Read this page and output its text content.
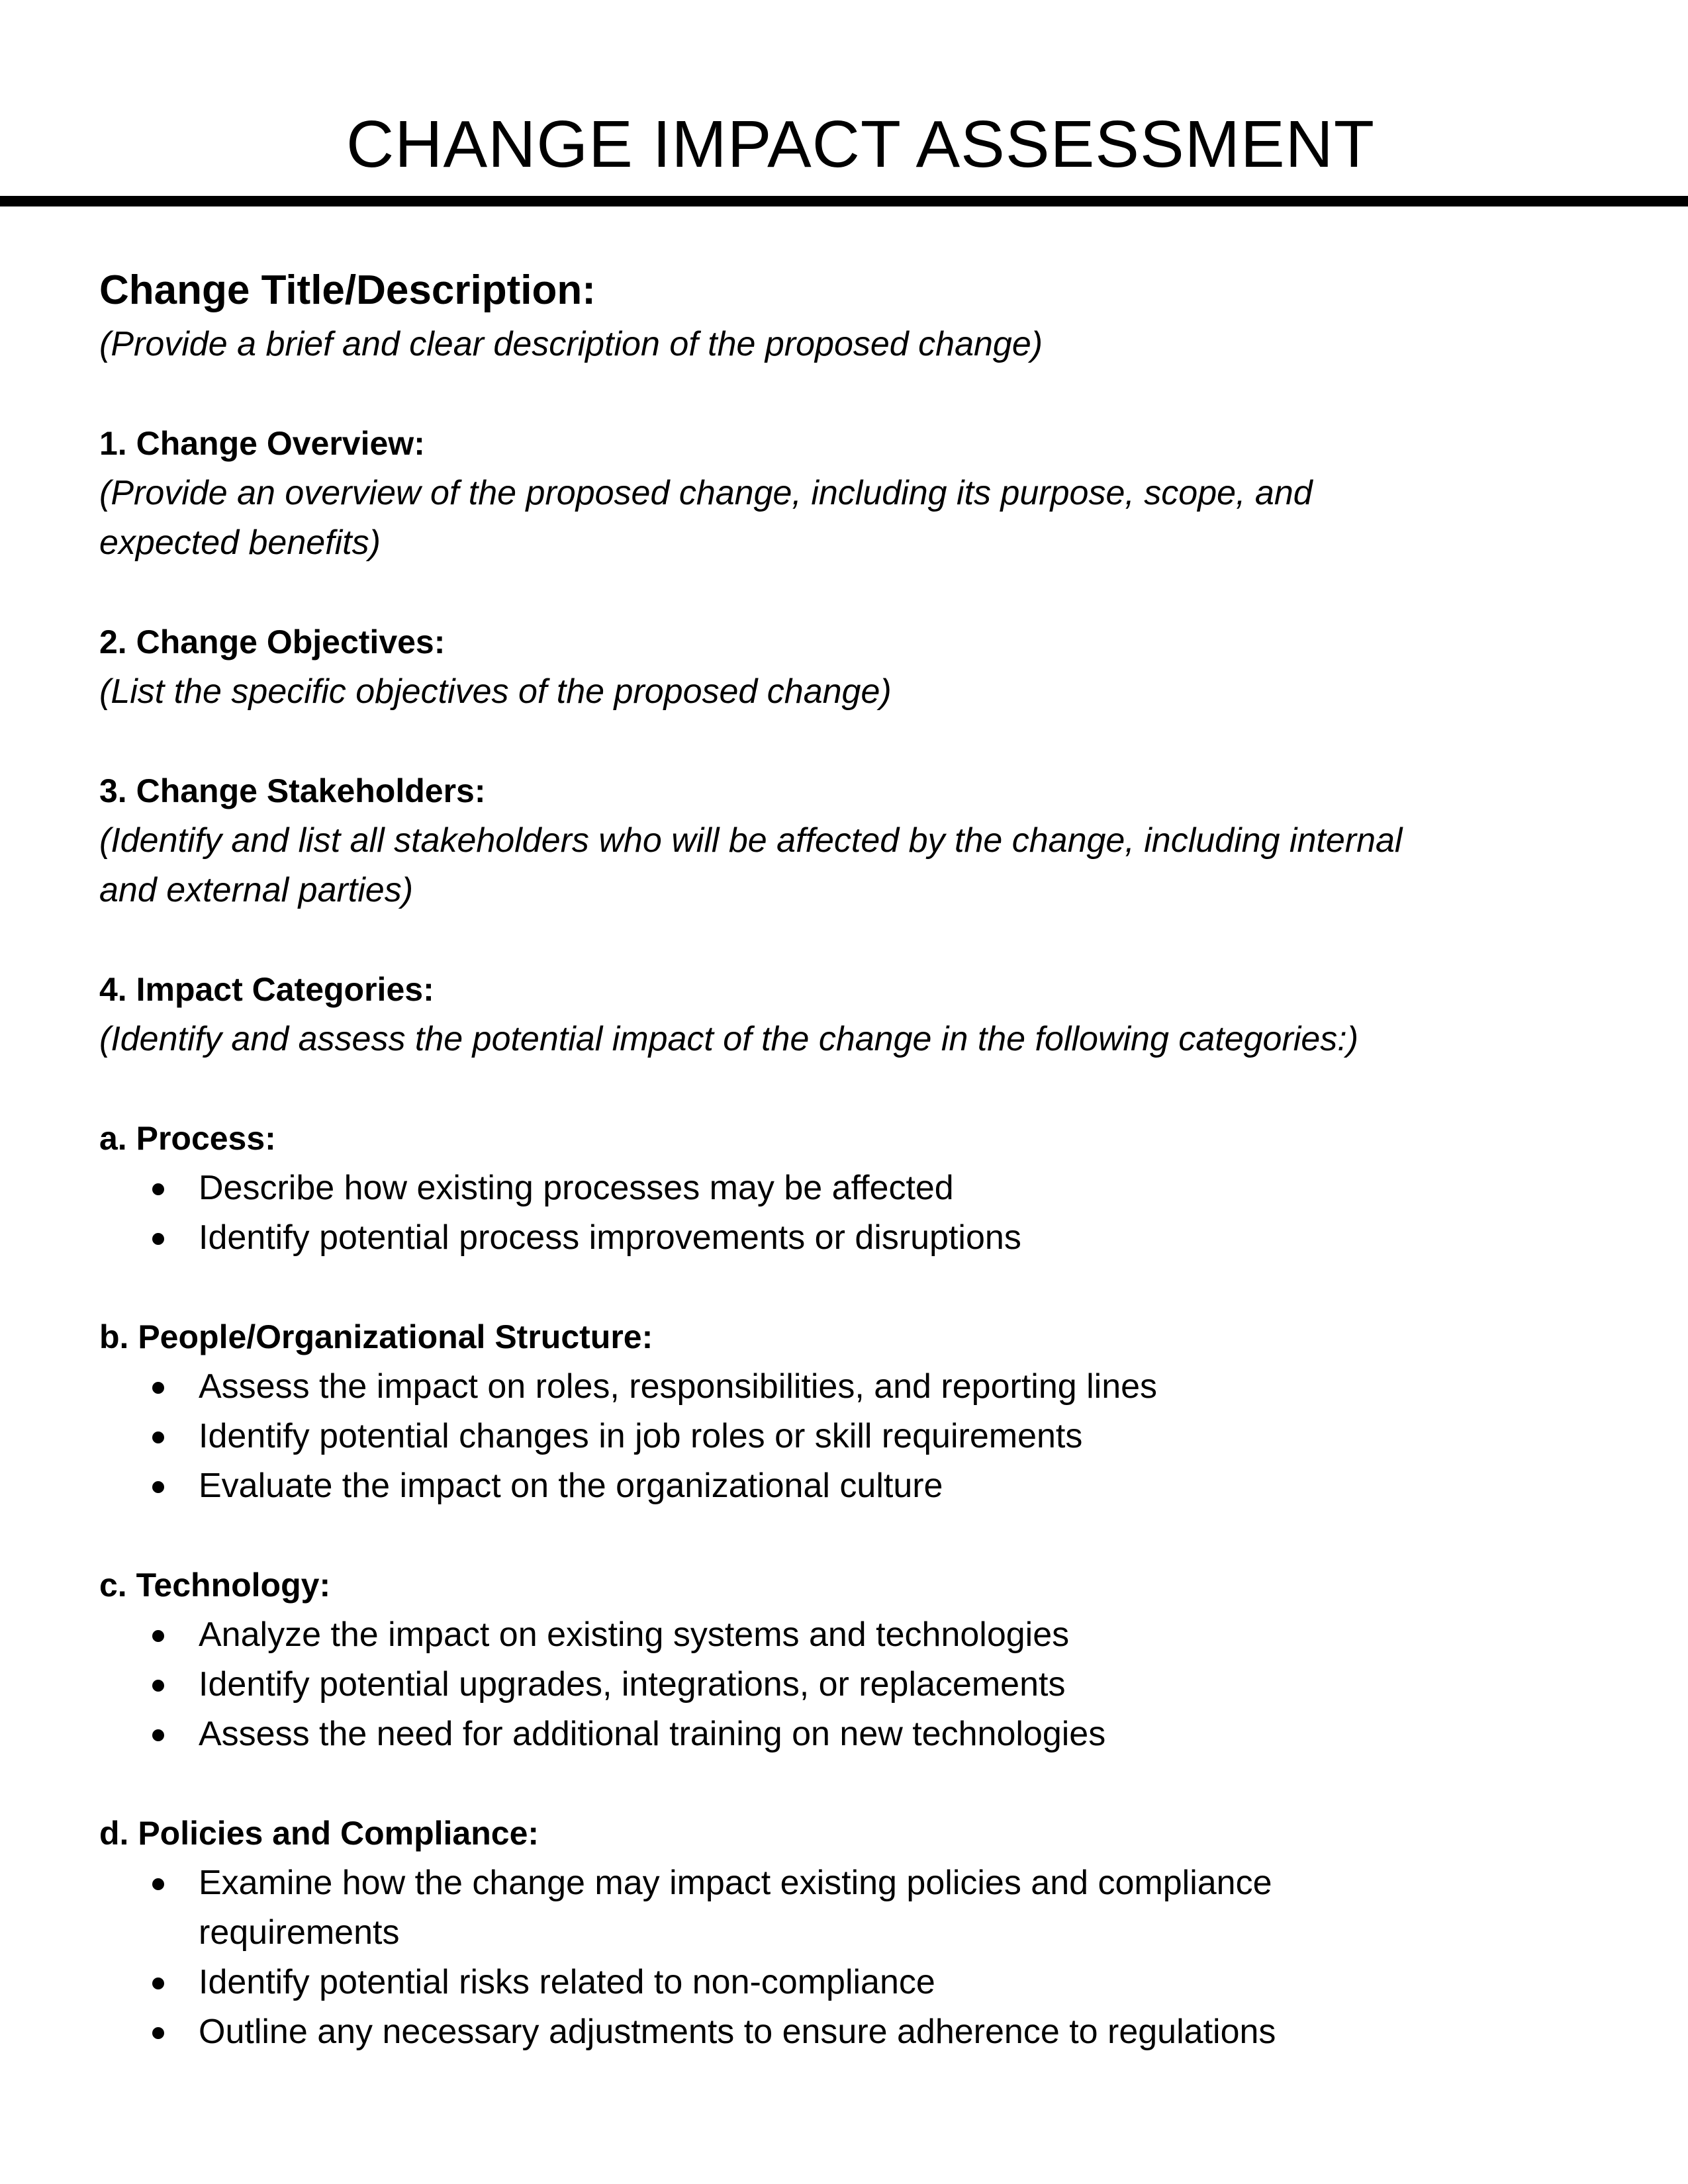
CHANGE IMPACT ASSESSMENT

Change Title/Description:

(Provide a brief and clear description of the proposed change)

1. Change Overview:

(Provide an overview of the proposed change, including its purpose, scope, and

expected benefits)

2. Change Objectives:

(List the specific objectives of the proposed change)

3. Change Stakeholders:

(Identify and list all stakeholders who will be affected by the change, including internal

and external parties)

4. Impact Categories:

(Identify and assess the potential impact of the change in the following categories:)

a. Process:

Describe how existing processes may be affected
Identify potential process improvements or disruptions

b. People/Organizational Structure:

Assess the impact on roles, responsibilities, and reporting lines
Identify potential changes in job roles or skill requirements
Evaluate the impact on the organizational culture

c. Technology:

Analyze the impact on existing systems and technologies
Identify potential upgrades, integrations, or replacements
Assess the need for additional training on new technologies

d. Policies and Compliance:

Examine how the change may impact existing policies and compliance
requirements
Identify potential risks related to non-compliance
Outline any necessary adjustments to ensure adherence to regulations
